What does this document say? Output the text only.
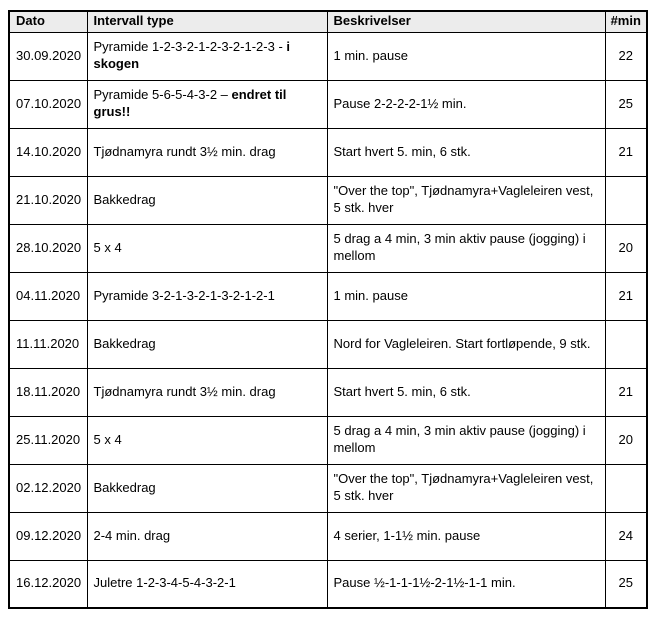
Dato	Intervall type	Beskrivelser	#min
30.09.2020	Pyramide 1-2-3-2-1-2-3-2-1-2-3 - i skogen	1 min. pause	22
07.10.2020	Pyramide 5-6-5-4-3-2 – endret til grus!!	Pause 2-2-2-2-1½ min.	25
14.10.2020	Tjødnamyra rundt 3½ min. drag	Start hvert 5. min, 6 stk.	21
21.10.2020	Bakkedrag	"Over the top", Tjødnamyra+Vagleleiren vest, 5 stk. hver	
28.10.2020	5 x 4	5 drag a 4 min, 3 min aktiv pause (jogging) i mellom	20
04.11.2020	Pyramide 3-2-1-3-2-1-3-2-1-2-1	1 min. pause	21
11.11.2020	Bakkedrag	Nord for Vagleleiren. Start fortløpende, 9 stk.	
18.11.2020	Tjødnamyra rundt 3½ min. drag	Start hvert 5. min, 6 stk.	21
25.11.2020	5 x 4	5 drag a 4 min, 3 min aktiv pause (jogging) i mellom	20
02.12.2020	Bakkedrag	"Over the top", Tjødnamyra+Vagleleiren vest, 5 stk. hver	
09.12.2020	2-4 min. drag	4 serier, 1-1½ min. pause	24
16.12.2020	Juletre 1-2-3-4-5-4-3-2-1	Pause ½-1-1-1½-2-1½-1-1 min.	25
